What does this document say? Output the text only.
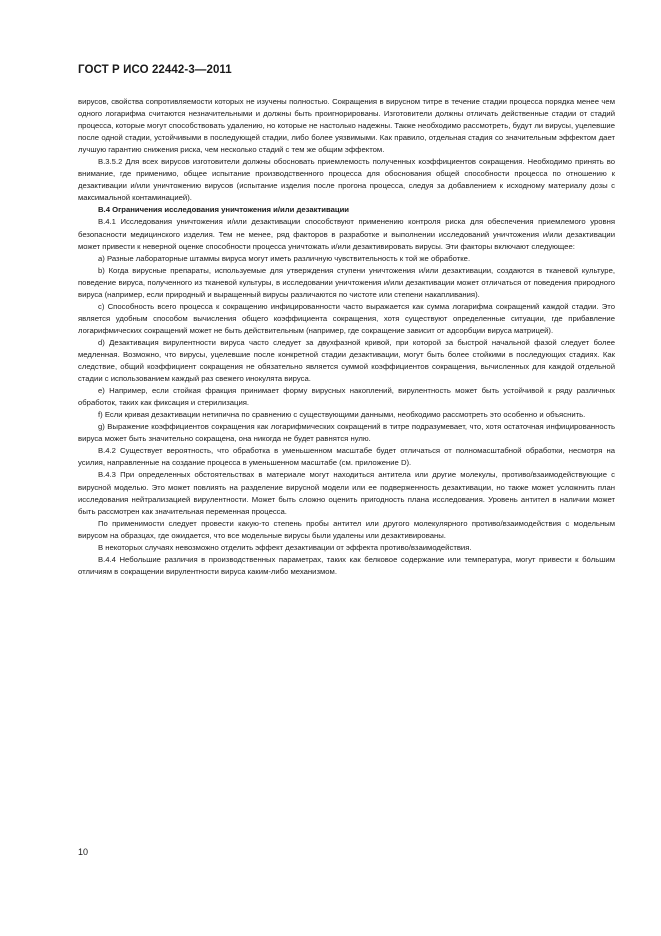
ГОСТ Р ИСО 22442-3—2011

вирусов, свойства сопротивляемости которых не изучены полностью. Сокращения в вирусном титре в течение стадии процесса порядка менее чем одного логарифма считаются незначительными и должны быть проигнорированы. Изготовители должны отличать действенные стадии от стадий процесса, которые могут способствовать удалению, но которые не настолько надежны. Также необходимо рассмотреть, будут ли вирусы, уцелевшие после одной стадии, устойчивыми в последующей стадии, либо более уязвимыми. Как правило, отдельная стадия со значительным эффектом дает лучшую гарантию снижения риска, чем несколько стадий с тем же общим эффектом.

В.3.5.2 Для всех вирусов изготовители должны обосновать приемлемость полученных коэффициентов сокращения. Необходимо принять во внимание, где применимо, общее испытание производственного процесса для обоснования общей способности процесса по отношению к дезактивации и/или уничтожению вирусов (испытание изделия после прогона процесса, следуя за добавлением к исходному материалу дозы с максимальной контаминацией).

В.4 Ограничения исследования уничтожения и/или дезактивации

В.4.1 Исследования уничтожения и/или дезактивации способствуют применению контроля риска для обеспечения приемлемого уровня безопасности медицинского изделия. Тем не менее, ряд факторов в разработке и выполнении исследований уничтожения и/или дезактивации может привести к неверной оценке способности процесса уничтожать и/или дезактивировать вирусы. Эти факторы включают следующее:

a) Разные лабораторные штаммы вируса могут иметь различную чувствительность к той же обработке.

b) Когда вирусные препараты, используемые для утверждения ступени уничтожения и/или дезактивации, создаются в тканевой культуре, поведение вируса, полученного из тканевой культуры, в исследовании уничтожения и/или дезактивации может отличаться от поведения природного вируса (например, если природный и выращенный вирусы различаются по чистоте или степени накапливания).

c) Способность всего процесса к сокращению инфицированности часто выражается как сумма логарифма сокращений каждой стадии. Это является удобным способом вычисления общего коэффициента сокращения, хотя существуют определенные ситуации, где прибавление логарифмических сокращений может не быть действительным (например, где сокращение зависит от адсорбции вируса матрицей).

d) Дезактивация вирулентности вируса часто следует за двухфазной кривой, при которой за быстрой начальной фазой следует более медленная. Возможно, что вирусы, уцелевшие после конкретной стадии дезактивации, могут быть более стойкими в последующих стадиях. Как следствие, общий коэффициент сокращения не обязательно является суммой коэффициентов сокращения, вычисленных для каждой отдельной стадии с использованием каждый раз свежего инокулята вируса.

e) Например, если стойкая фракция принимает форму вирусных накоплений, вирулентность может быть устойчивой к ряду различных обработок, таких как фиксация и стерилизация.

f) Если кривая дезактивации нетипична по сравнению с существующими данными, необходимо рассмотреть это особенно и объяснить.

g) Выражение коэффициентов сокращения как логарифмических сокращений в титре подразумевает, что, хотя остаточная инфицированность вируса может быть значительно сокращена, она никогда не будет равнятся нулю.

В.4.2 Существует вероятность, что обработка в уменьшенном масштабе будет отличаться от полномасштабной обработки, несмотря на усилия, направленные на создание процесса в уменьшенном масштабе (см. приложение D).

В.4.3 При определенных обстоятельствах в материале могут находиться антитела или другие молекулы, противо/взаимодействующие с вирусной моделью. Это может повлиять на разделение вирусной модели или ее подверженность дезактивации, но также может усложнить план исследования нейтрализацией вирулентности. Может быть сложно оценить пригодность плана исследования. Уровень антител в наличии может быть рассмотрен как значительная переменная процесса.

По применимости следует провести какую-то степень пробы антител или другого молекулярного противо/взаимодействия с модельным вирусом на образцах, где ожидается, что все модельные вирусы были удалены или дезактивированы.

В некоторых случаях невозможно отделить эффект дезактивации от эффекта противо/взаимодействия.

В.4.4 Небольшие различия в производственных параметрах, таких как белковое содержание или температура, могут привести к бо́льшим отличиям в сокращении вирулентности вируса каким-либо механизмом.

10
